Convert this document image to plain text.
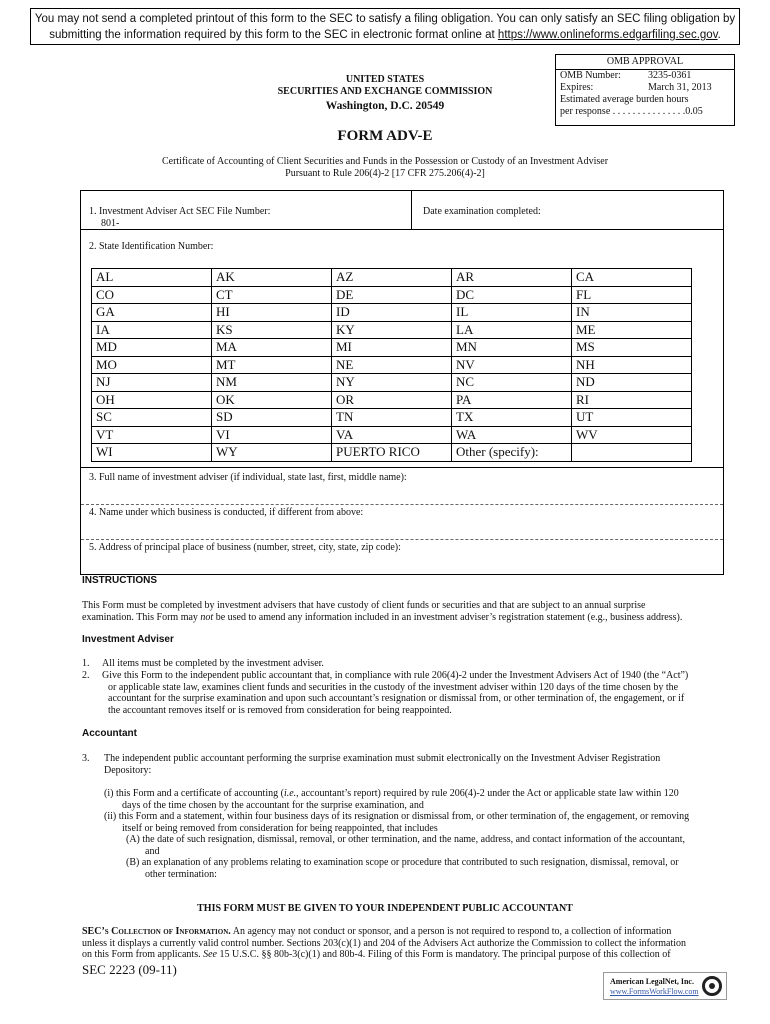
You may not send a completed printout of this form to the SEC to satisfy a filing obligation. You can only satisfy an SEC filing obligation by
submitting the information required by this form to the SEC in electronic format online at https://www.onlineforms.edgarfiling.sec.gov.
OMB APPROVAL
OMB Number:	3235-0361
Expires:	March 31, 2013
Estimated average burden hours
per response . . . . . . . . . . . . . . .0.05
UNITED STATES
SECURITIES AND EXCHANGE COMMISSION
Washington, D.C. 20549
FORM ADV-E
Certificate of Accounting of Client Securities and Funds in the Possession or Custody of an Investment Adviser
Pursuant to Rule 206(4)-2 [17 CFR 275.206(4)-2]
1. Investment Adviser Act SEC File Number:
801-
Date examination completed:
2. State Identification Number:
AL	AK	AZ	AR	CA
CO	CT	DE	DC	FL
GA	HI	ID	IL	IN
IA	KS	KY	LA	ME
MD	MA	MI	MN	MS
MO	MT	NE	NV	NH
NJ	NM	NY	NC	ND
OH	OK	OR	PA	RI
SC	SD	TN	TX	UT
VT	VI	VA	WA	WV
WI	WY	PUERTO RICO	Other (specify):	
3. Full name of investment adviser (if individual, state last, first, middle name):
4. Name under which business is conducted, if different from above:
5. Address of principal place of business (number, street, city, state, zip code):
INSTRUCTIONS
This Form must be completed by investment advisers that have custody of client funds or securities and that are subject to an annual surprise
examination. This Form may not be used to amend any information included in an investment adviser’s registration statement (e.g., business address).
Investment Adviser
1.	All items must be completed by the investment adviser.
2.	Give this Form to the independent public accountant that, in compliance with rule 206(4)-2 under the Investment Advisers Act of 1940 (the “Act”)
or applicable state law, examines client funds and securities in the custody of the investment adviser within 120 days of the time chosen by the
accountant for the surprise examination and upon such accountant’s resignation or dismissal from, or other termination of, the engagement, or if
the accountant removes itself or is removed from consideration for being reappointed.
Accountant
3.	The independent public accountant performing the surprise examination must submit electronically on the Investment Adviser Registration
Depository:
(i) this Form and a certificate of accounting (i.e., accountant’s report) required by rule 206(4)-2 under the Act or applicable state law within 120
days of the time chosen by the accountant for the surprise examination, and
(ii) this Form and a statement, within four business days of its resignation or dismissal from, or other termination of, the engagement, or removing
itself or being removed from consideration for being reappointed, that includes
(A) the date of such resignation, dismissal, removal, or other termination, and the name, address, and contact information of the accountant,
and
(B) an explanation of any problems relating to examination scope or procedure that contributed to such resignation, dismissal, removal, or
other termination:
THIS FORM MUST BE GIVEN TO YOUR INDEPENDENT PUBLIC ACCOUNTANT
SEC’s Collection of Information. An agency may not conduct or sponsor, and a person is not required to respond to, a collection of information
unless it displays a currently valid control number. Sections 203(c)(1) and 204 of the Advisers Act authorize the Commission to collect the information
on this Form from applicants. See 15 U.S.C. §§ 80b-3(c)(1) and 80b-4. Filing of this Form is mandatory. The principal purpose of this collection of
SEC 2223 (09-11)
American LegalNet, Inc.
www.FormsWorkFlow.com
